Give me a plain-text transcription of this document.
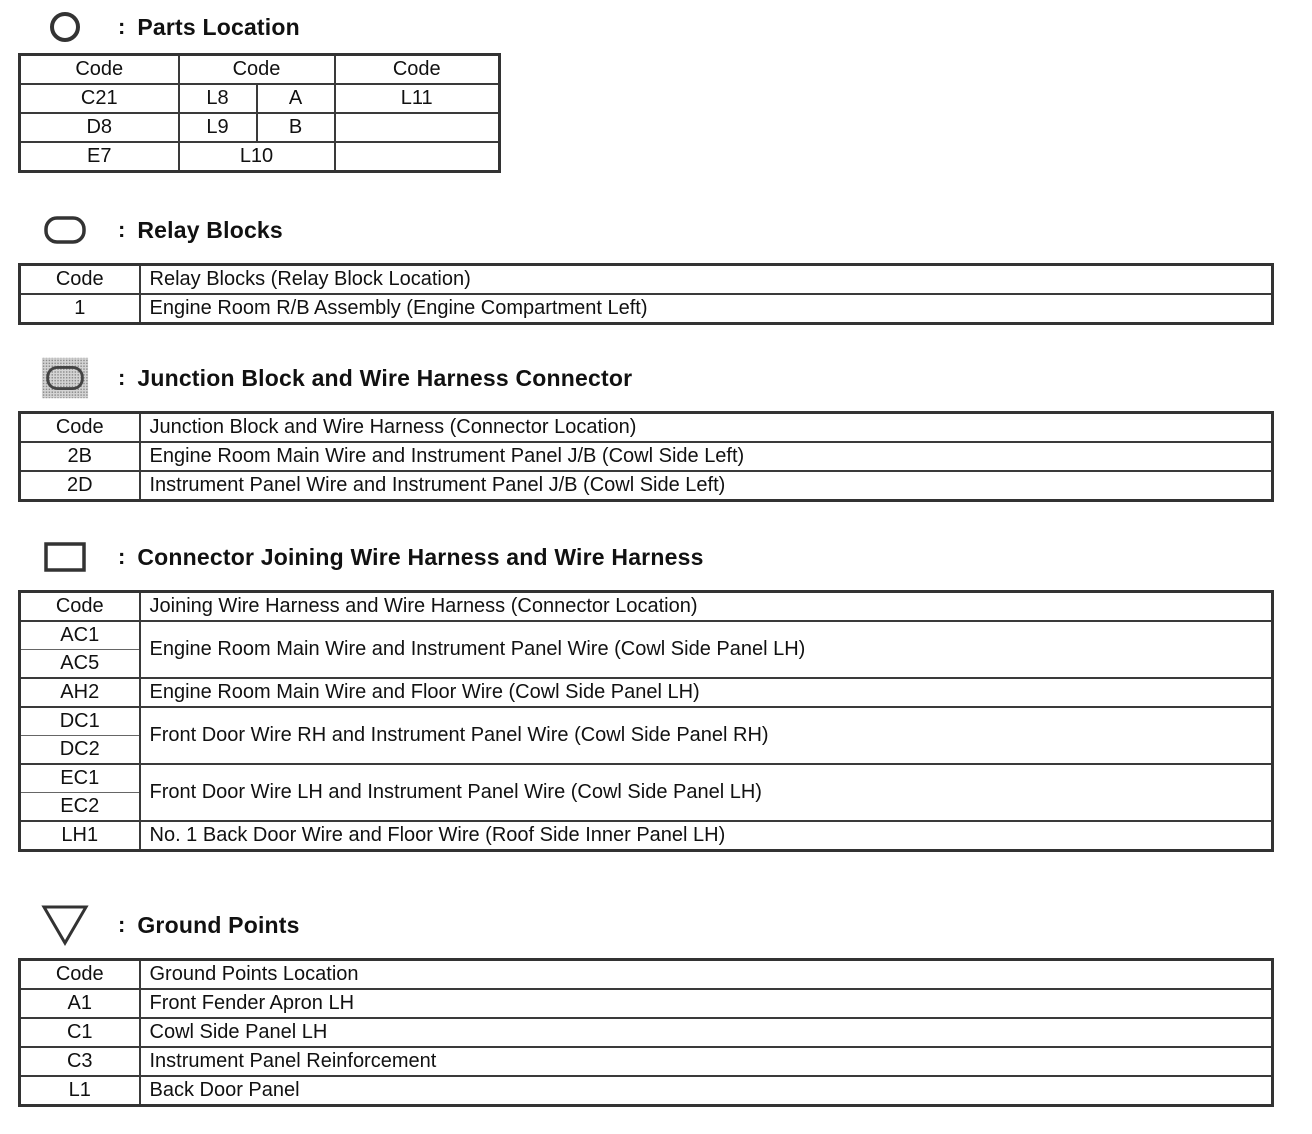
: Parts Location
Code	Code		Code
C21	L8	A	L11
D8	L9	B	
E7	L10		
: Relay Blocks
Code	Relay Blocks (Relay Block Location)
1	Engine Room R/B Assembly (Engine Compartment Left)
: Junction Block and Wire Harness Connector
Code	Junction Block and Wire Harness (Connector Location)
2B	Engine Room Main Wire and Instrument Panel J/B (Cowl Side Left)
2D	Instrument Panel Wire and Instrument Panel J/B (Cowl Side Left)
: Connector Joining Wire Harness and Wire Harness
Code	Joining Wire Harness and Wire Harness (Connector Location)
AC1	Engine Room Main Wire and Instrument Panel Wire (Cowl Side Panel LH)
AC5	
AH2	Engine Room Main Wire and Floor Wire (Cowl Side Panel LH)
DC1	Front Door Wire RH and Instrument Panel Wire (Cowl Side Panel RH)
DC2	
EC1	Front Door Wire LH and Instrument Panel Wire (Cowl Side Panel LH)
EC2	
LH1	No. 1 Back Door Wire and Floor Wire (Roof Side Inner Panel LH)
: Ground Points
Code	Ground Points Location
A1	Front Fender Apron LH
C1	Cowl Side Panel LH
C3	Instrument Panel Reinforcement
L1	Back Door Panel
